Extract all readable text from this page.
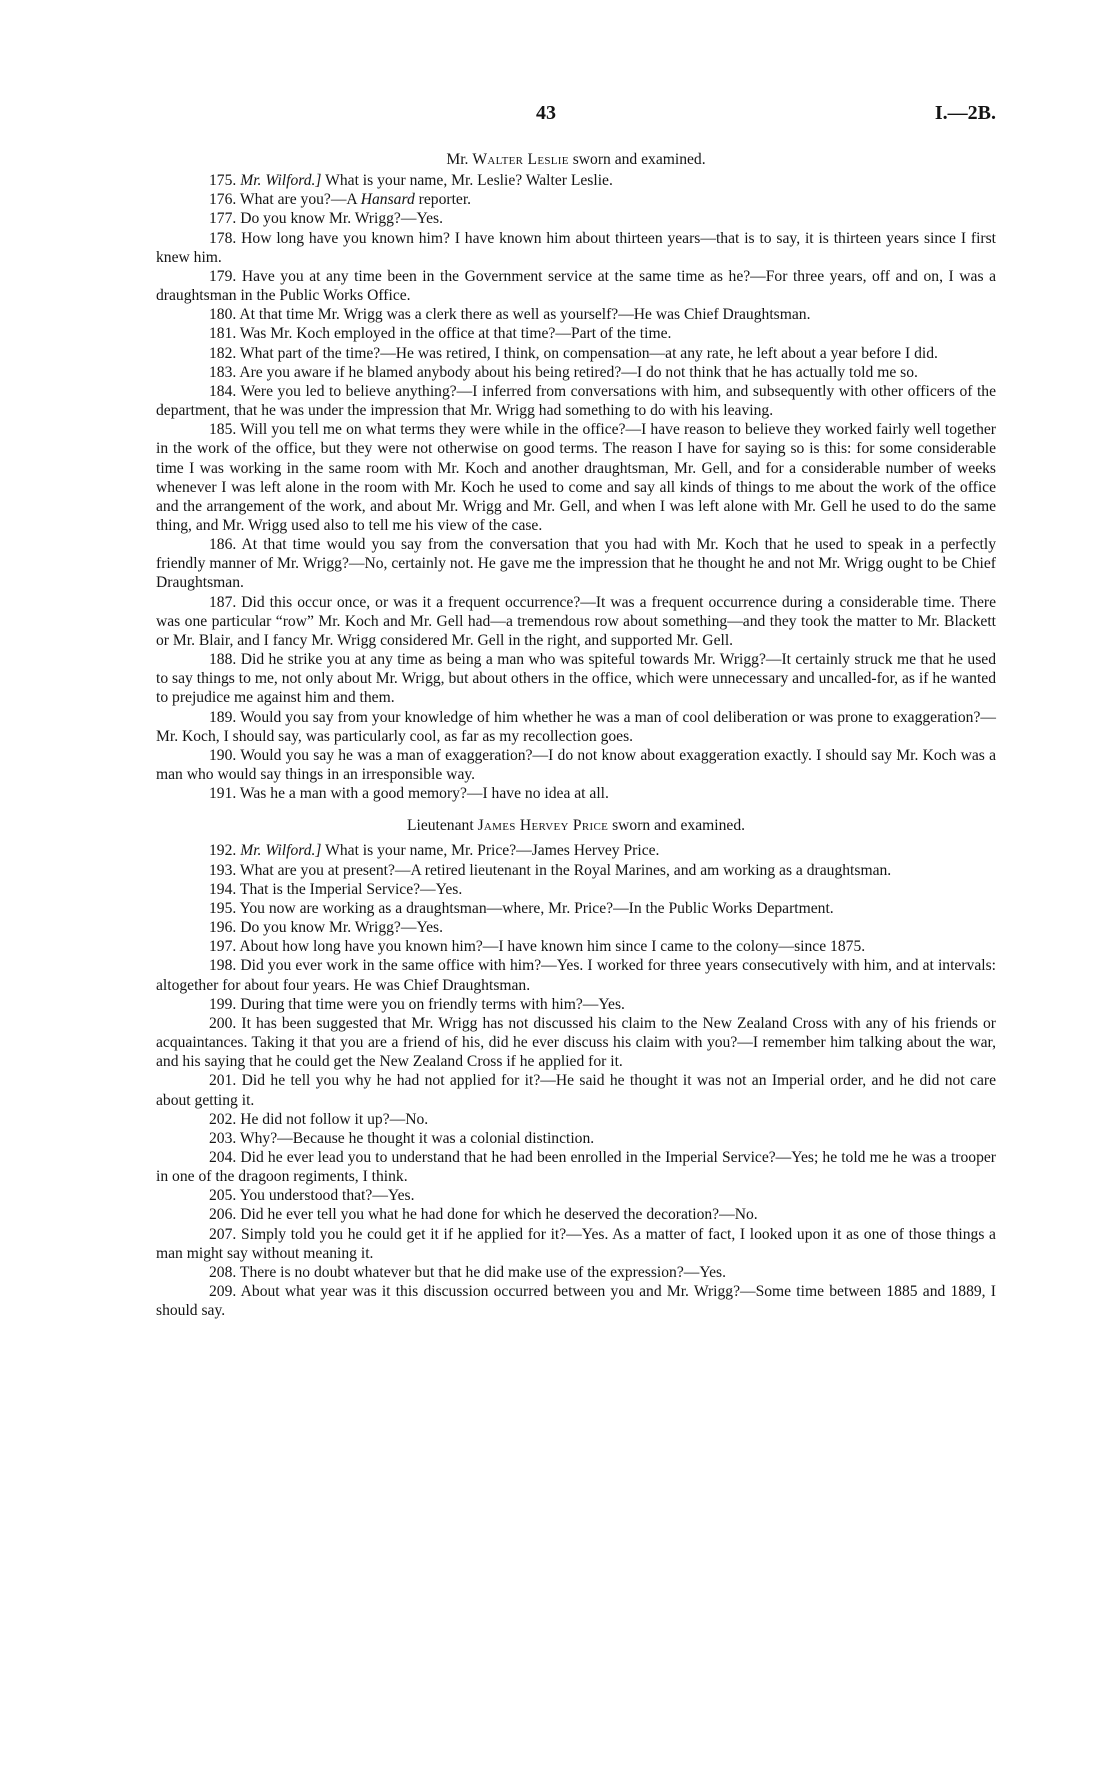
43	I.—2B.
Mr. Walter Leslie sworn and examined.

175. Mr. Wilford.] What is your name, Mr. Leslie? Walter Leslie.

176. What are you?—A Hansard reporter.

177. Do you know Mr. Wrigg?—Yes.

178. How long have you known him? I have known him about thirteen years—that is to say, it is thirteen years since I first knew him.

179. Have you at any time been in the Government service at the same time as he?—For three years, off and on, I was a draughtsman in the Public Works Office.

180. At that time Mr. Wrigg was a clerk there as well as yourself?—He was Chief Draughtsman.

181. Was Mr. Koch employed in the office at that time?—Part of the time.

182. What part of the time?—He was retired, I think, on compensation—at any rate, he left about a year before I did.

183. Are you aware if he blamed anybody about his being retired?—I do not think that he has actually told me so.

184. Were you led to believe anything?—I inferred from conversations with him, and subsequently with other officers of the department, that he was under the impression that Mr. Wrigg had something to do with his leaving.

185. Will you tell me on what terms they were while in the office?—I have reason to believe they worked fairly well together in the work of the office, but they were not otherwise on good terms. The reason I have for saying so is this: for some considerable time I was working in the same room with Mr. Koch and another draughtsman, Mr. Gell, and for a considerable number of weeks whenever I was left alone in the room with Mr. Koch he used to come and say all kinds of things to me about the work of the office and the arrangement of the work, and about Mr. Wrigg and Mr. Gell, and when I was left alone with Mr. Gell he used to do the same thing, and Mr. Wrigg used also to tell me his view of the case.

186. At that time would you say from the conversation that you had with Mr. Koch that he used to speak in a perfectly friendly manner of Mr. Wrigg?—No, certainly not. He gave me the impression that he thought he and not Mr. Wrigg ought to be Chief Draughtsman.

187. Did this occur once, or was it a frequent occurrence?—It was a frequent occurrence during a considerable time. There was one particular “row” Mr. Koch and Mr. Gell had—a tremendous row about something—and they took the matter to Mr. Blackett or Mr. Blair, and I fancy Mr. Wrigg considered Mr. Gell in the right, and supported Mr. Gell.

188. Did he strike you at any time as being a man who was spiteful towards Mr. Wrigg?—It certainly struck me that he used to say things to me, not only about Mr. Wrigg, but about others in the office, which were unnecessary and uncalled-for, as if he wanted to prejudice me against him and them.

189. Would you say from your knowledge of him whether he was a man of cool deliberation or was prone to exaggeration?—Mr. Koch, I should say, was particularly cool, as far as my recollection goes.

190. Would you say he was a man of exaggeration?—I do not know about exaggeration exactly. I should say Mr. Koch was a man who would say things in an irresponsible way.

191. Was he a man with a good memory?—I have no idea at all.

Lieutenant James Hervey Price sworn and examined.

192. Mr. Wilford.] What is your name, Mr. Price?—James Hervey Price.

193. What are you at present?—A retired lieutenant in the Royal Marines, and am working as a draughtsman.

194. That is the Imperial Service?—Yes.

195. You now are working as a draughtsman—where, Mr. Price?—In the Public Works Department.

196. Do you know Mr. Wrigg?—Yes.

197. About how long have you known him?—I have known him since I came to the colony—since 1875.

198. Did you ever work in the same office with him?—Yes. I worked for three years consecutively with him, and at intervals: altogether for about four years. He was Chief Draughtsman.

199. During that time were you on friendly terms with him?—Yes.

200. It has been suggested that Mr. Wrigg has not discussed his claim to the New Zealand Cross with any of his friends or acquaintances. Taking it that you are a friend of his, did he ever discuss his claim with you?—I remember him talking about the war, and his saying that he could get the New Zealand Cross if he applied for it.

201. Did he tell you why he had not applied for it?—He said he thought it was not an Imperial order, and he did not care about getting it.

202. He did not follow it up?—No.

203. Why?—Because he thought it was a colonial distinction.

204. Did he ever lead you to understand that he had been enrolled in the Imperial Service?—Yes; he told me he was a trooper in one of the dragoon regiments, I think.

205. You understood that?—Yes.

206. Did he ever tell you what he had done for which he deserved the decoration?—No.

207. Simply told you he could get it if he applied for it?—Yes. As a matter of fact, I looked upon it as one of those things a man might say without meaning it.

208. There is no doubt whatever but that he did make use of the expression?—Yes.

209. About what year was it this discussion occurred between you and Mr. Wrigg?—Some time between 1885 and 1889, I should say.
